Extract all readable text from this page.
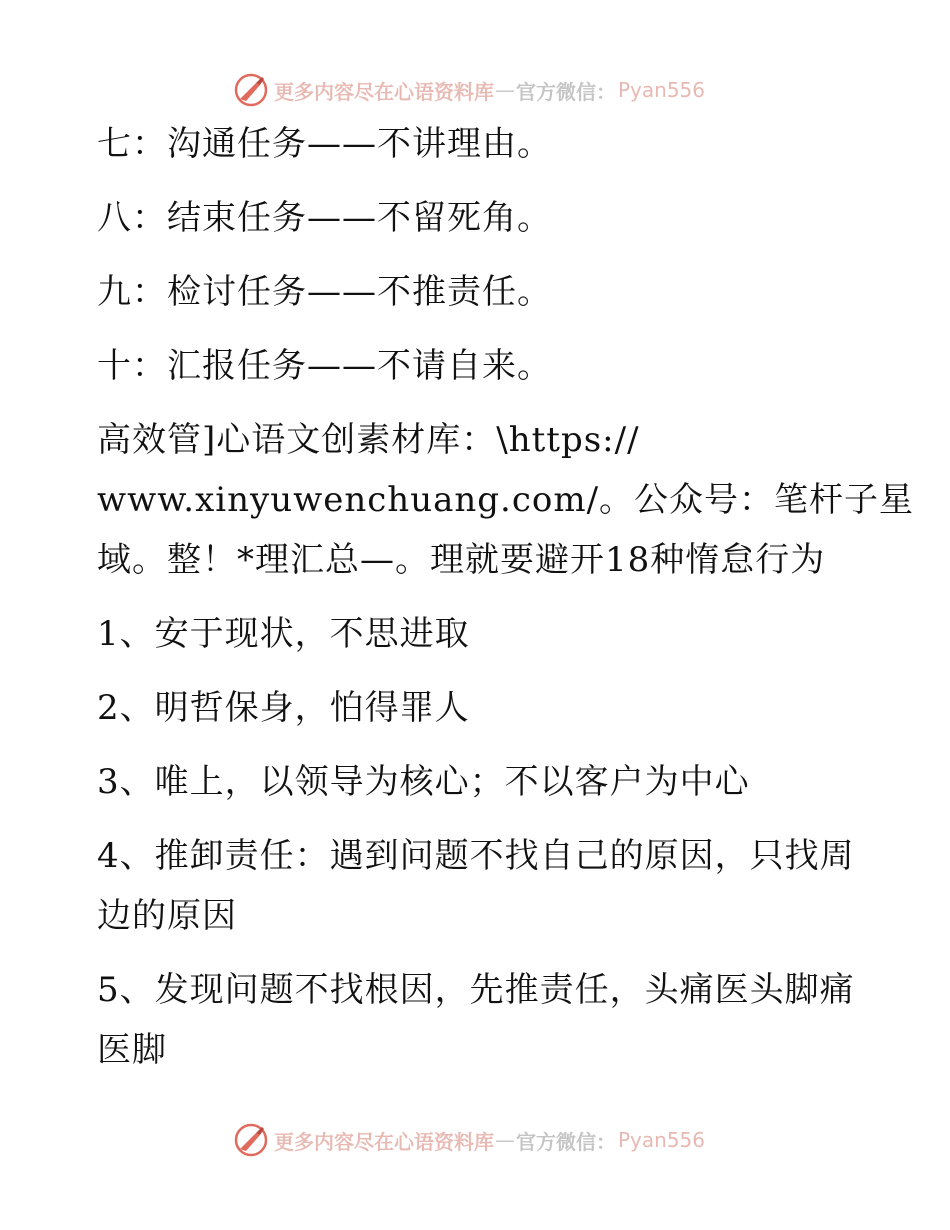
更多内容尽在心语资料库 — 官方微信： Pyan556
七：沟通任务——不讲理由。
八：结束任务——不留死角。
九：检讨任务——不推责任。
十：汇报任务——不请自来。
高效管]心语文创素材库：\https://
www.xinyuwenchuang.com/。公众号：笔杆子星
域。整！*理汇总—。理就要避开18种惰怠行为
1、安于现状，不思进取
2、明哲保身，怕得罪人
3、唯上，以领导为核心；不以客户为中心
4、推卸责任：遇到问题不找自己的原因，只找周
边的原因
5、发现问题不找根因，先推责任，头痛医头脚痛
医脚
更多内容尽在心语资料库 — 官方微信： Pyan556
